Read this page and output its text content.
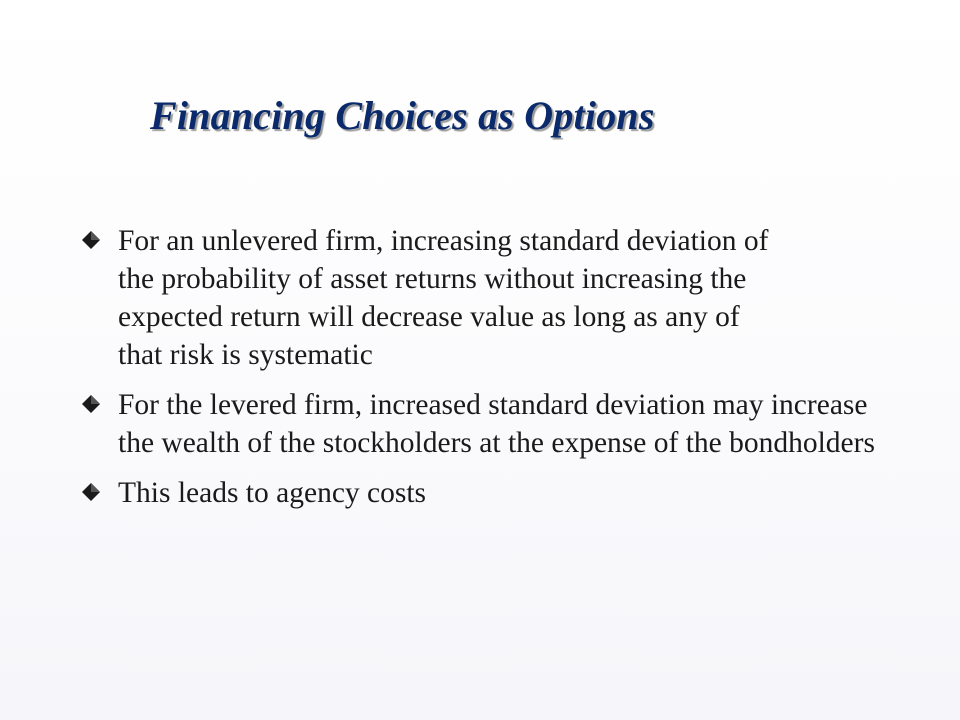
Financing Choices as Options
For an unlevered firm, increasing standard deviation of the probability of asset returns without increasing the expected return will decrease value as long as any of that risk is systematic
For the levered firm, increased standard deviation may increase the wealth of the stockholders at the expense of the bondholders
This leads to agency costs
